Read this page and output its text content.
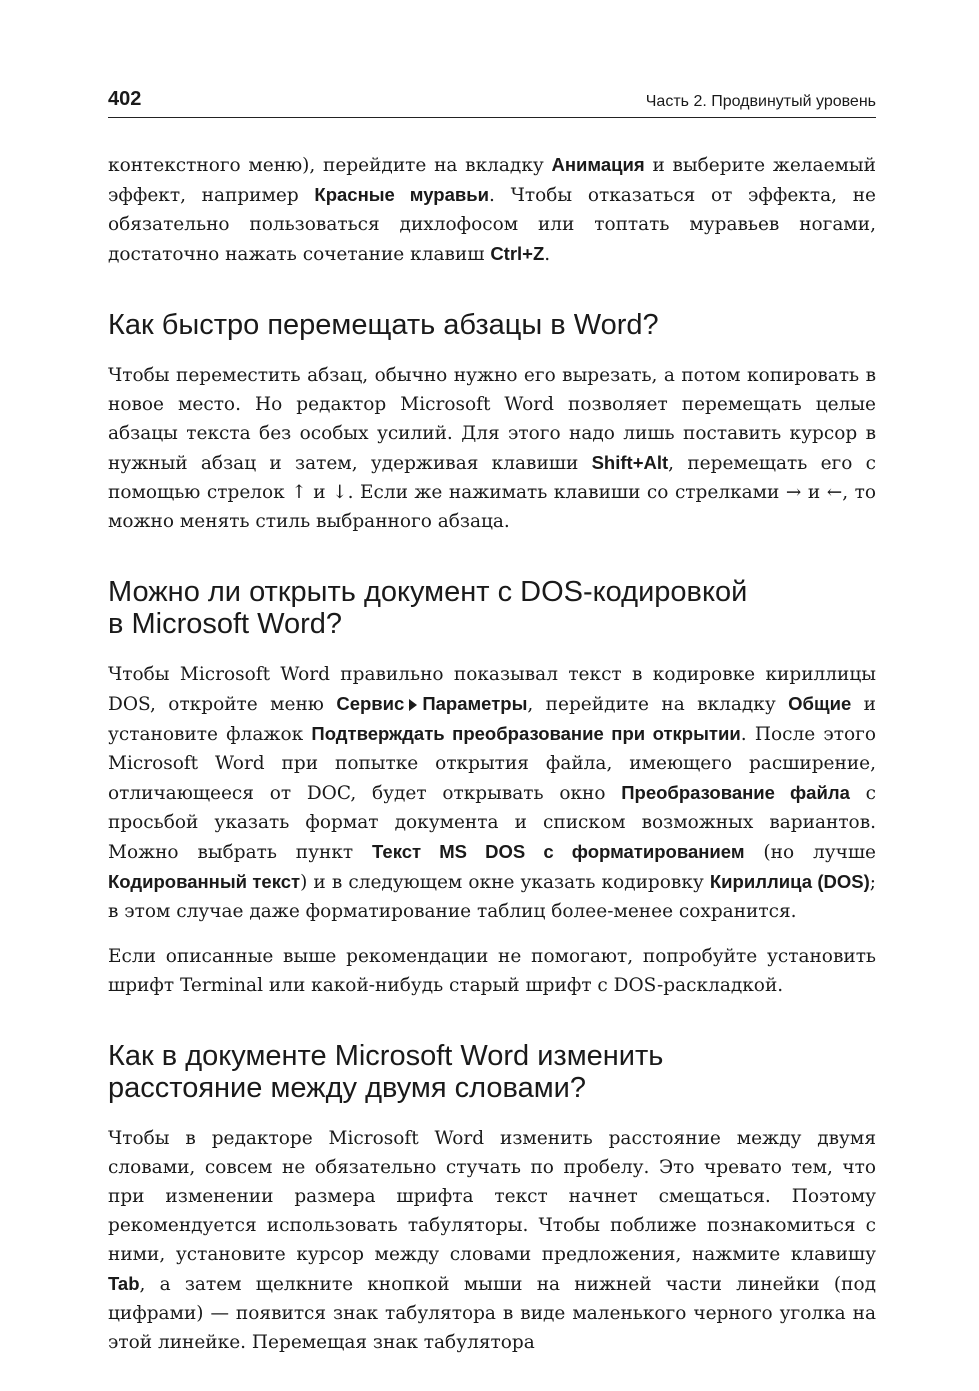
402	Часть 2. Продвинутый уровень

контекстного меню), перейдите на вкладку Анимация и выберите желаемый эффект, например Красные муравьи. Чтобы отказаться от эффекта, не обязательно пользоваться дихлофосом или топтать муравьев ногами, достаточно нажать сочетание клавиш Ctrl+Z.

Как быстро перемещать абзацы в Word?

Чтобы переместить абзац, обычно нужно его вырезать, а потом копировать в новое место. Но редактор Microsoft Word позволяет перемещать целые абзацы текста без особых усилий. Для этого надо лишь поставить курсор в нужный абзац и затем, удерживая клавиши Shift+Alt, перемещать его с помощью стрелок ↑ и ↓. Если же нажимать клавиши со стрелками → и ←, то можно менять стиль выбранного абзаца.

Можно ли открыть документ с DOS-кодировкой
в Microsoft Word?

Чтобы Microsoft Word правильно показывал текст в кодировке кириллицы DOS, откройте меню Сервис Параметры, перейдите на вкладку Общие и установите флажок Подтверждать преобразование при открытии. После этого Microsoft Word при попытке открытия файла, имеющего расширение, отличающееся от DOC, будет открывать окно Преобразование файла с просьбой указать формат документа и списком возможных вариантов. Можно выбрать пункт Текст MS DOS с форматированием (но лучше Кодированный текст) и в следующем окне указать кодировку Кириллица (DOS); в этом случае даже форматирование таблиц более-менее сохранится.

Если описанные выше рекомендации не помогают, попробуйте установить шрифт Terminal или какой-нибудь старый шрифт с DOS-раскладкой.

Как в документе Microsoft Word изменить
расстояние между двумя словами?

Чтобы в редакторе Microsoft Word изменить расстояние между двумя словами, совсем не обязательно стучать по пробелу. Это чревато тем, что при изменении размера шрифта текст начнет смещаться. Поэтому рекомендуется использовать табуляторы. Чтобы поближе познакомиться с ними, установите курсор между словами предложения, нажмите клавишу Tab, а затем щелкните кнопкой мыши на нижней части линейки (под цифрами) — появится знак табулятора в виде маленького черного уголка на этой линейке. Перемещая знак табулятора
